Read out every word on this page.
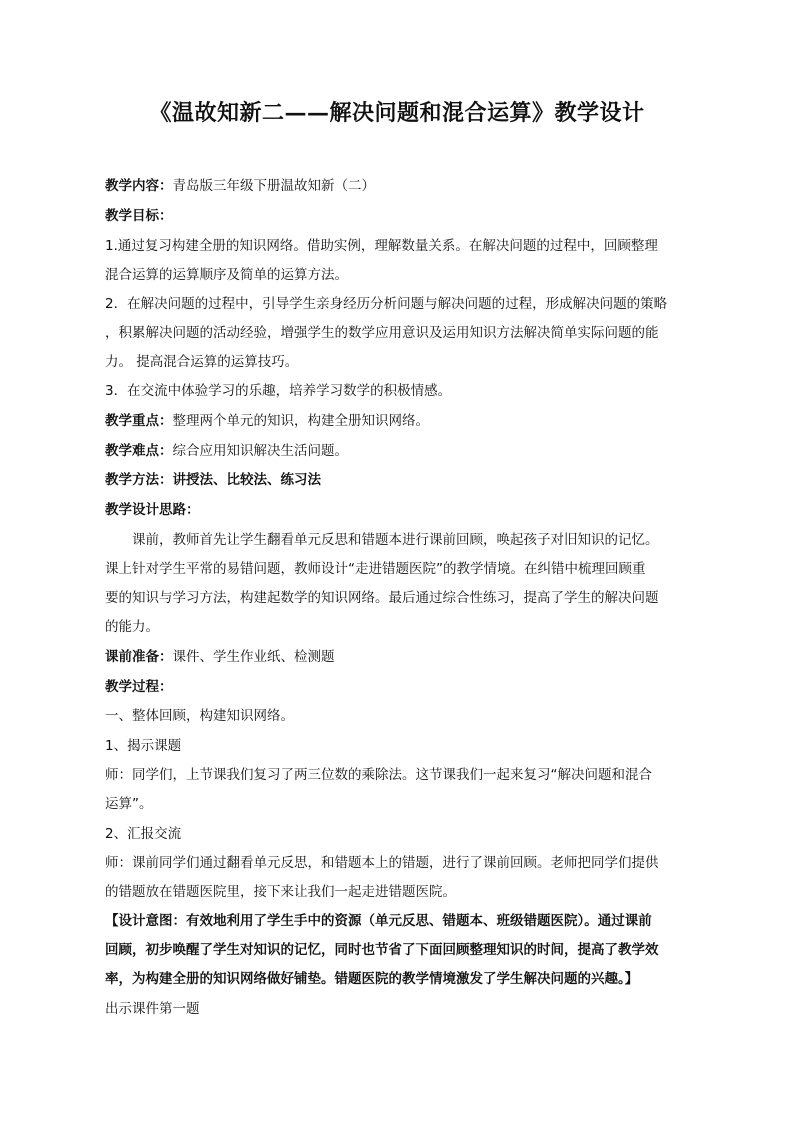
《温故知新二——解决问题和混合运算》教学设计
教学内容：青岛版三年级下册温故知新（二）
教学目标：
1.通过复习构建全册的知识网络。借助实例，理解数量关系。在解决问题的过程中，回顾整理
混合运算的运算顺序及简单的运算方法。
2．在解决问题的过程中，引导学生亲身经历分析问题与解决问题的过程，形成解决问题的策略
，积累解决问题的活动经验，增强学生的数学应用意识及运用知识方法解决简单实际问题的能
力。 提高混合运算的运算技巧。
3．在交流中体验学习的乐趣，培养学习数学的积极情感。
教学重点：整理两个单元的知识，构建全册知识网络。
教学难点：综合应用知识解决生活问题。
教学方法：讲授法、比较法、练习法
教学设计思路：
课前，教师首先让学生翻看单元反思和错题本进行课前回顾，唤起孩子对旧知识的记忆。
课上针对学生平常的易错问题，教师设计“走进错题医院”的教学情境。在纠错中梳理回顾重
要的知识与学习方法，构建起数学的知识网络。最后通过综合性练习，提高了学生的解决问题
的能力。
课前准备：课件、学生作业纸、检测题
教学过程：
一、整体回顾，构建知识网络。
1、揭示课题
师：同学们，上节课我们复习了两三位数的乘除法。这节课我们一起来复习“解决问题和混合
运算”。
2、汇报交流
师：课前同学们通过翻看单元反思，和错题本上的错题，进行了课前回顾。老师把同学们提供
的错题放在错题医院里，接下来让我们一起走进错题医院。
【设计意图：有效地利用了学生手中的资源（单元反思、错题本、班级错题医院）。通过课前
回顾，初步唤醒了学生对知识的记忆，同时也节省了下面回顾整理知识的时间，提高了教学效
率，为构建全册的知识网络做好铺垫。错题医院的教学情境激发了学生解决问题的兴趣。】
出示课件第一题
